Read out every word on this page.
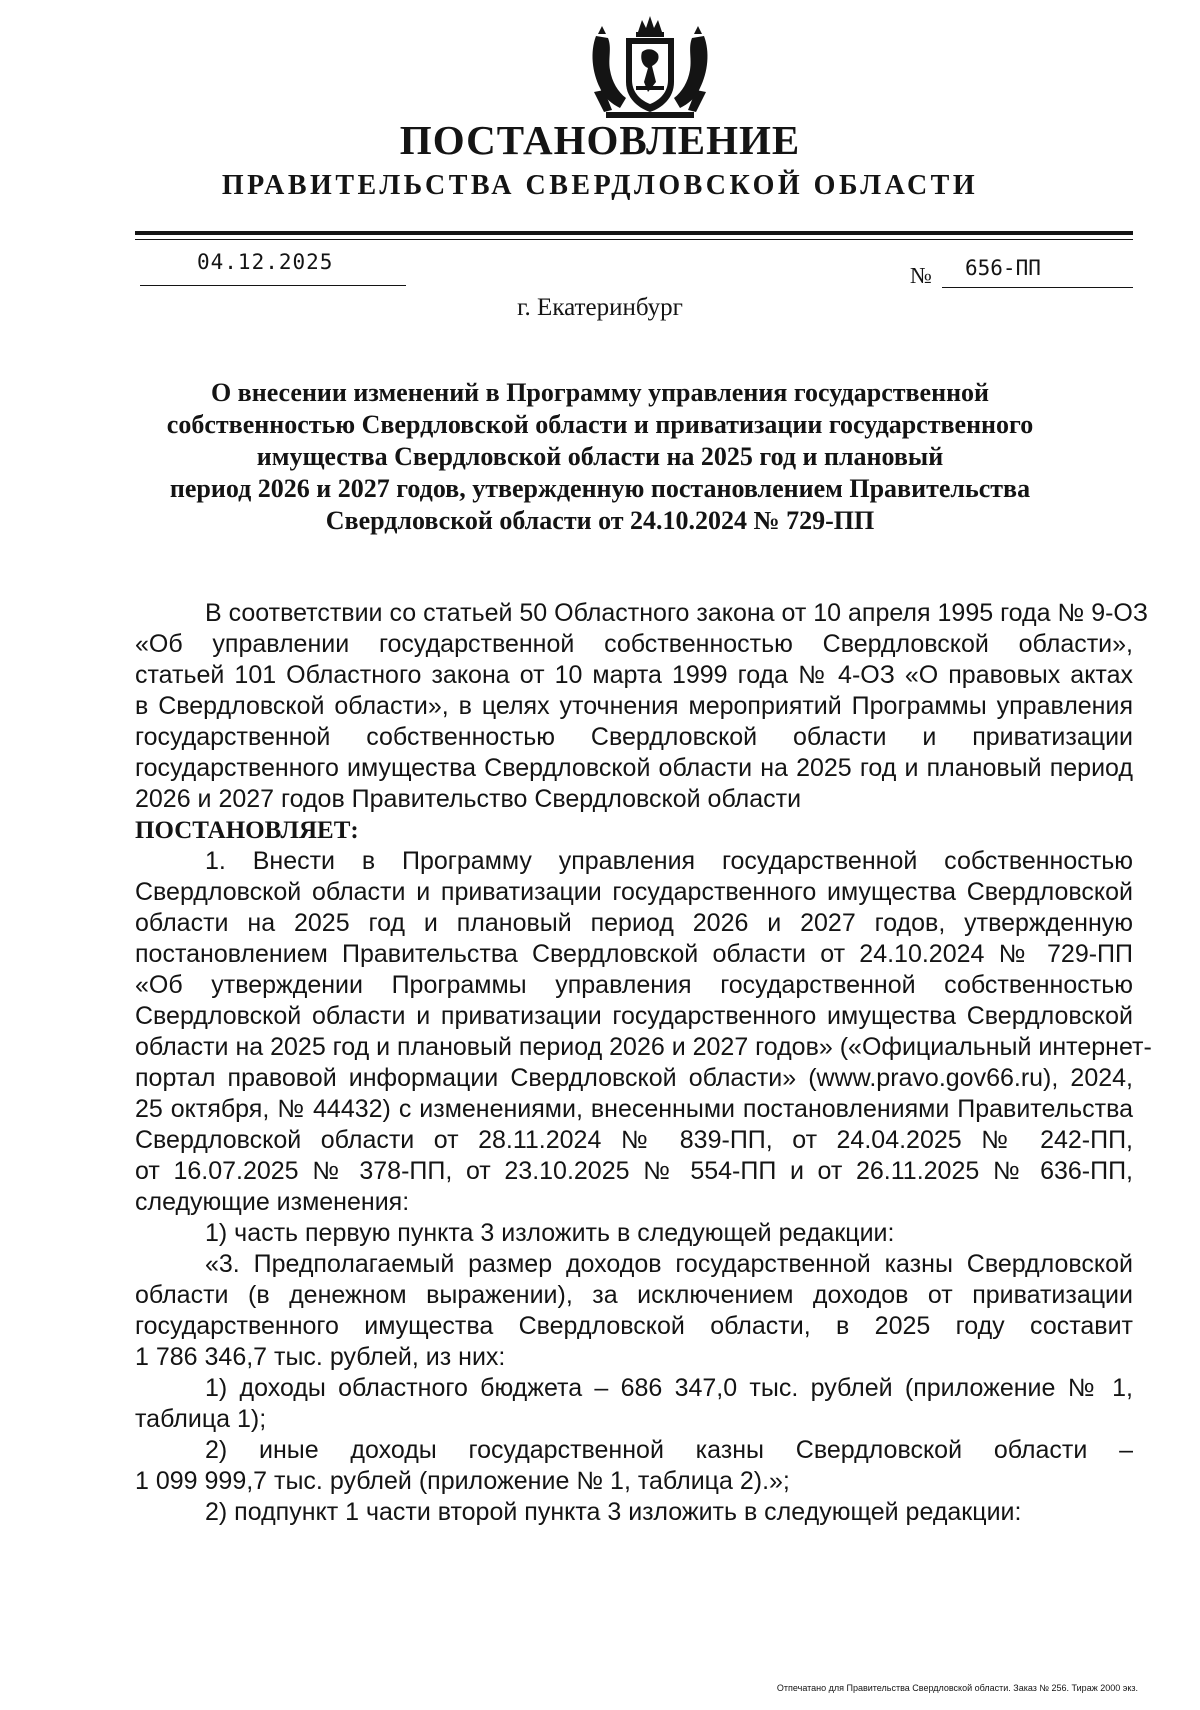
ПОСТАНОВЛЕНИЕ
ПРАВИТЕЛЬСТВА СВЕРДЛОВСКОЙ ОБЛАСТИ
04.12.2025
№ 656-ПП
г. Екатеринбург
О внесении изменений в Программу управления государственной
собственностью Свердловской области и приватизации государственного
имущества Свердловской области на 2025 год и плановый
период 2026 и 2027 годов, утвержденную постановлением Правительства
Свердловской области от 24.10.2024 № 729-ПП
В соответствии со статьей 50 Областного закона от 10 апреля 1995 года № 9-ОЗ
«Об управлении государственной собственностью Свердловской области»,
статьей 101 Областного закона от 10 марта 1999 года № 4-ОЗ «О правовых актах
в Свердловской области», в целях уточнения мероприятий Программы управления
государственной собственностью Свердловской области и приватизации
государственного имущества Свердловской области на 2025 год и плановый период
2026 и 2027 годов Правительство Свердловской области
ПОСТАНОВЛЯЕТ:
1. Внести в Программу управления государственной собственностью
Свердловской области и приватизации государственного имущества Свердловской
области на 2025 год и плановый период 2026 и 2027 годов, утвержденную
постановлением Правительства Свердловской области от 24.10.2024 № 729-ПП
«Об утверждении Программы управления государственной собственностью
Свердловской области и приватизации государственного имущества Свердловской
области на 2025 год и плановый период 2026 и 2027 годов» («Официальный интернет-
портал правовой информации Свердловской области» (www.pravo.gov66.ru), 2024,
25 октября, № 44432) с изменениями, внесенными постановлениями Правительства
Свердловской области от 28.11.2024 № 839-ПП, от 24.04.2025 № 242-ПП,
от 16.07.2025 № 378-ПП, от 23.10.2025 № 554-ПП и от 26.11.2025 № 636-ПП,
следующие изменения:
1) часть первую пункта 3 изложить в следующей редакции:
«3. Предполагаемый размер доходов государственной казны Свердловской
области (в денежном выражении), за исключением доходов от приватизации
государственного имущества Свердловской области, в 2025 году составит
1 786 346,7 тыс. рублей, из них:
1) доходы областного бюджета – 686 347,0 тыс. рублей (приложение № 1,
таблица 1);
2) иные доходы государственной казны Свердловской области –
1 099 999,7 тыс. рублей (приложение № 1, таблица 2).»;
2) подпункт 1 части второй пункта 3 изложить в следующей редакции:
Отпечатано для Правительства Свердловской области. Заказ № 256. Тираж 2000 экз.
